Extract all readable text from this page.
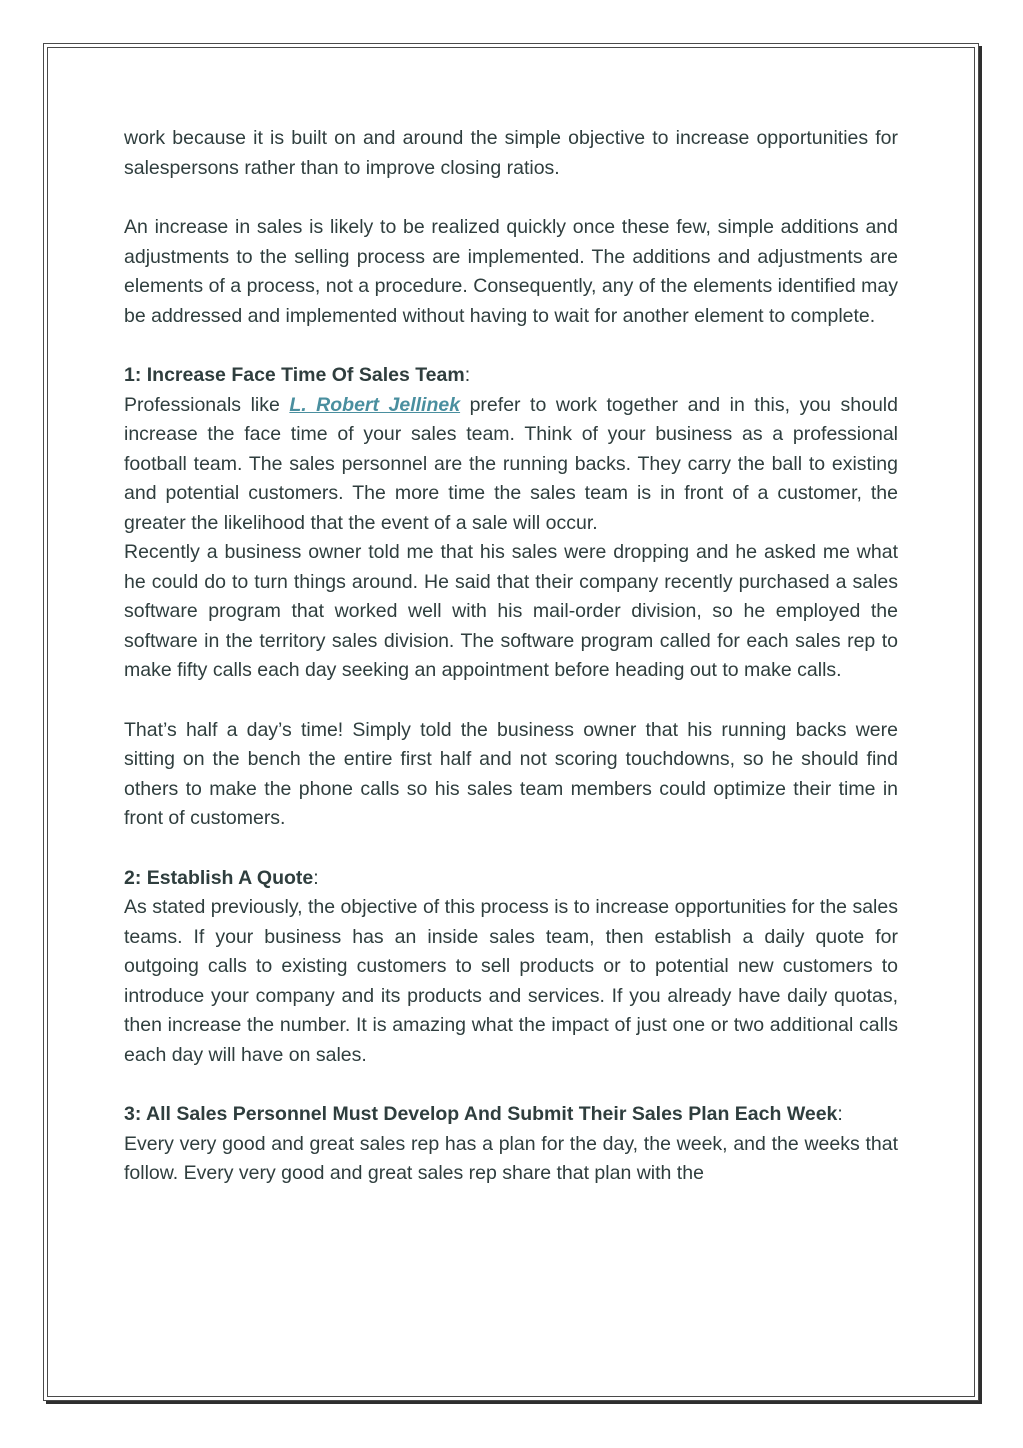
work because it is built on and around the simple objective to increase opportunities for salespersons rather than to improve closing ratios.

An increase in sales is likely to be realized quickly once these few, simple additions and adjustments to the selling process are implemented. The additions and adjustments are elements of a process, not a procedure. Consequently, any of the elements identified may be addressed and implemented without having to wait for another element to complete.

1: Increase Face Time Of Sales Team:

Professionals like L. Robert Jellinek prefer to work together and in this, you should increase the face time of your sales team. Think of your business as a professional football team. The sales personnel are the running backs. They carry the ball to existing and potential customers. The more time the sales team is in front of a customer, the greater the likelihood that the event of a sale will occur.

Recently a business owner told me that his sales were dropping and he asked me what he could do to turn things around. He said that their company recently purchased a sales software program that worked well with his mail-order division, so he employed the software in the territory sales division. The software program called for each sales rep to make fifty calls each day seeking an appointment before heading out to make calls.

That’s half a day’s time! Simply told the business owner that his running backs were sitting on the bench the entire first half and not scoring touchdowns, so he should find others to make the phone calls so his sales team members could optimize their time in front of customers.

2: Establish A Quote:

As stated previously, the objective of this process is to increase opportunities for the sales teams. If your business has an inside sales team, then establish a daily quote for outgoing calls to existing customers to sell products or to potential new customers to introduce your company and its products and services. If you already have daily quotas, then increase the number. It is amazing what the impact of just one or two additional calls each day will have on sales.

3: All Sales Personnel Must Develop And Submit Their Sales Plan Each Week:

Every very good and great sales rep has a plan for the day, the week, and the weeks that follow. Every very good and great sales rep share that plan with the
